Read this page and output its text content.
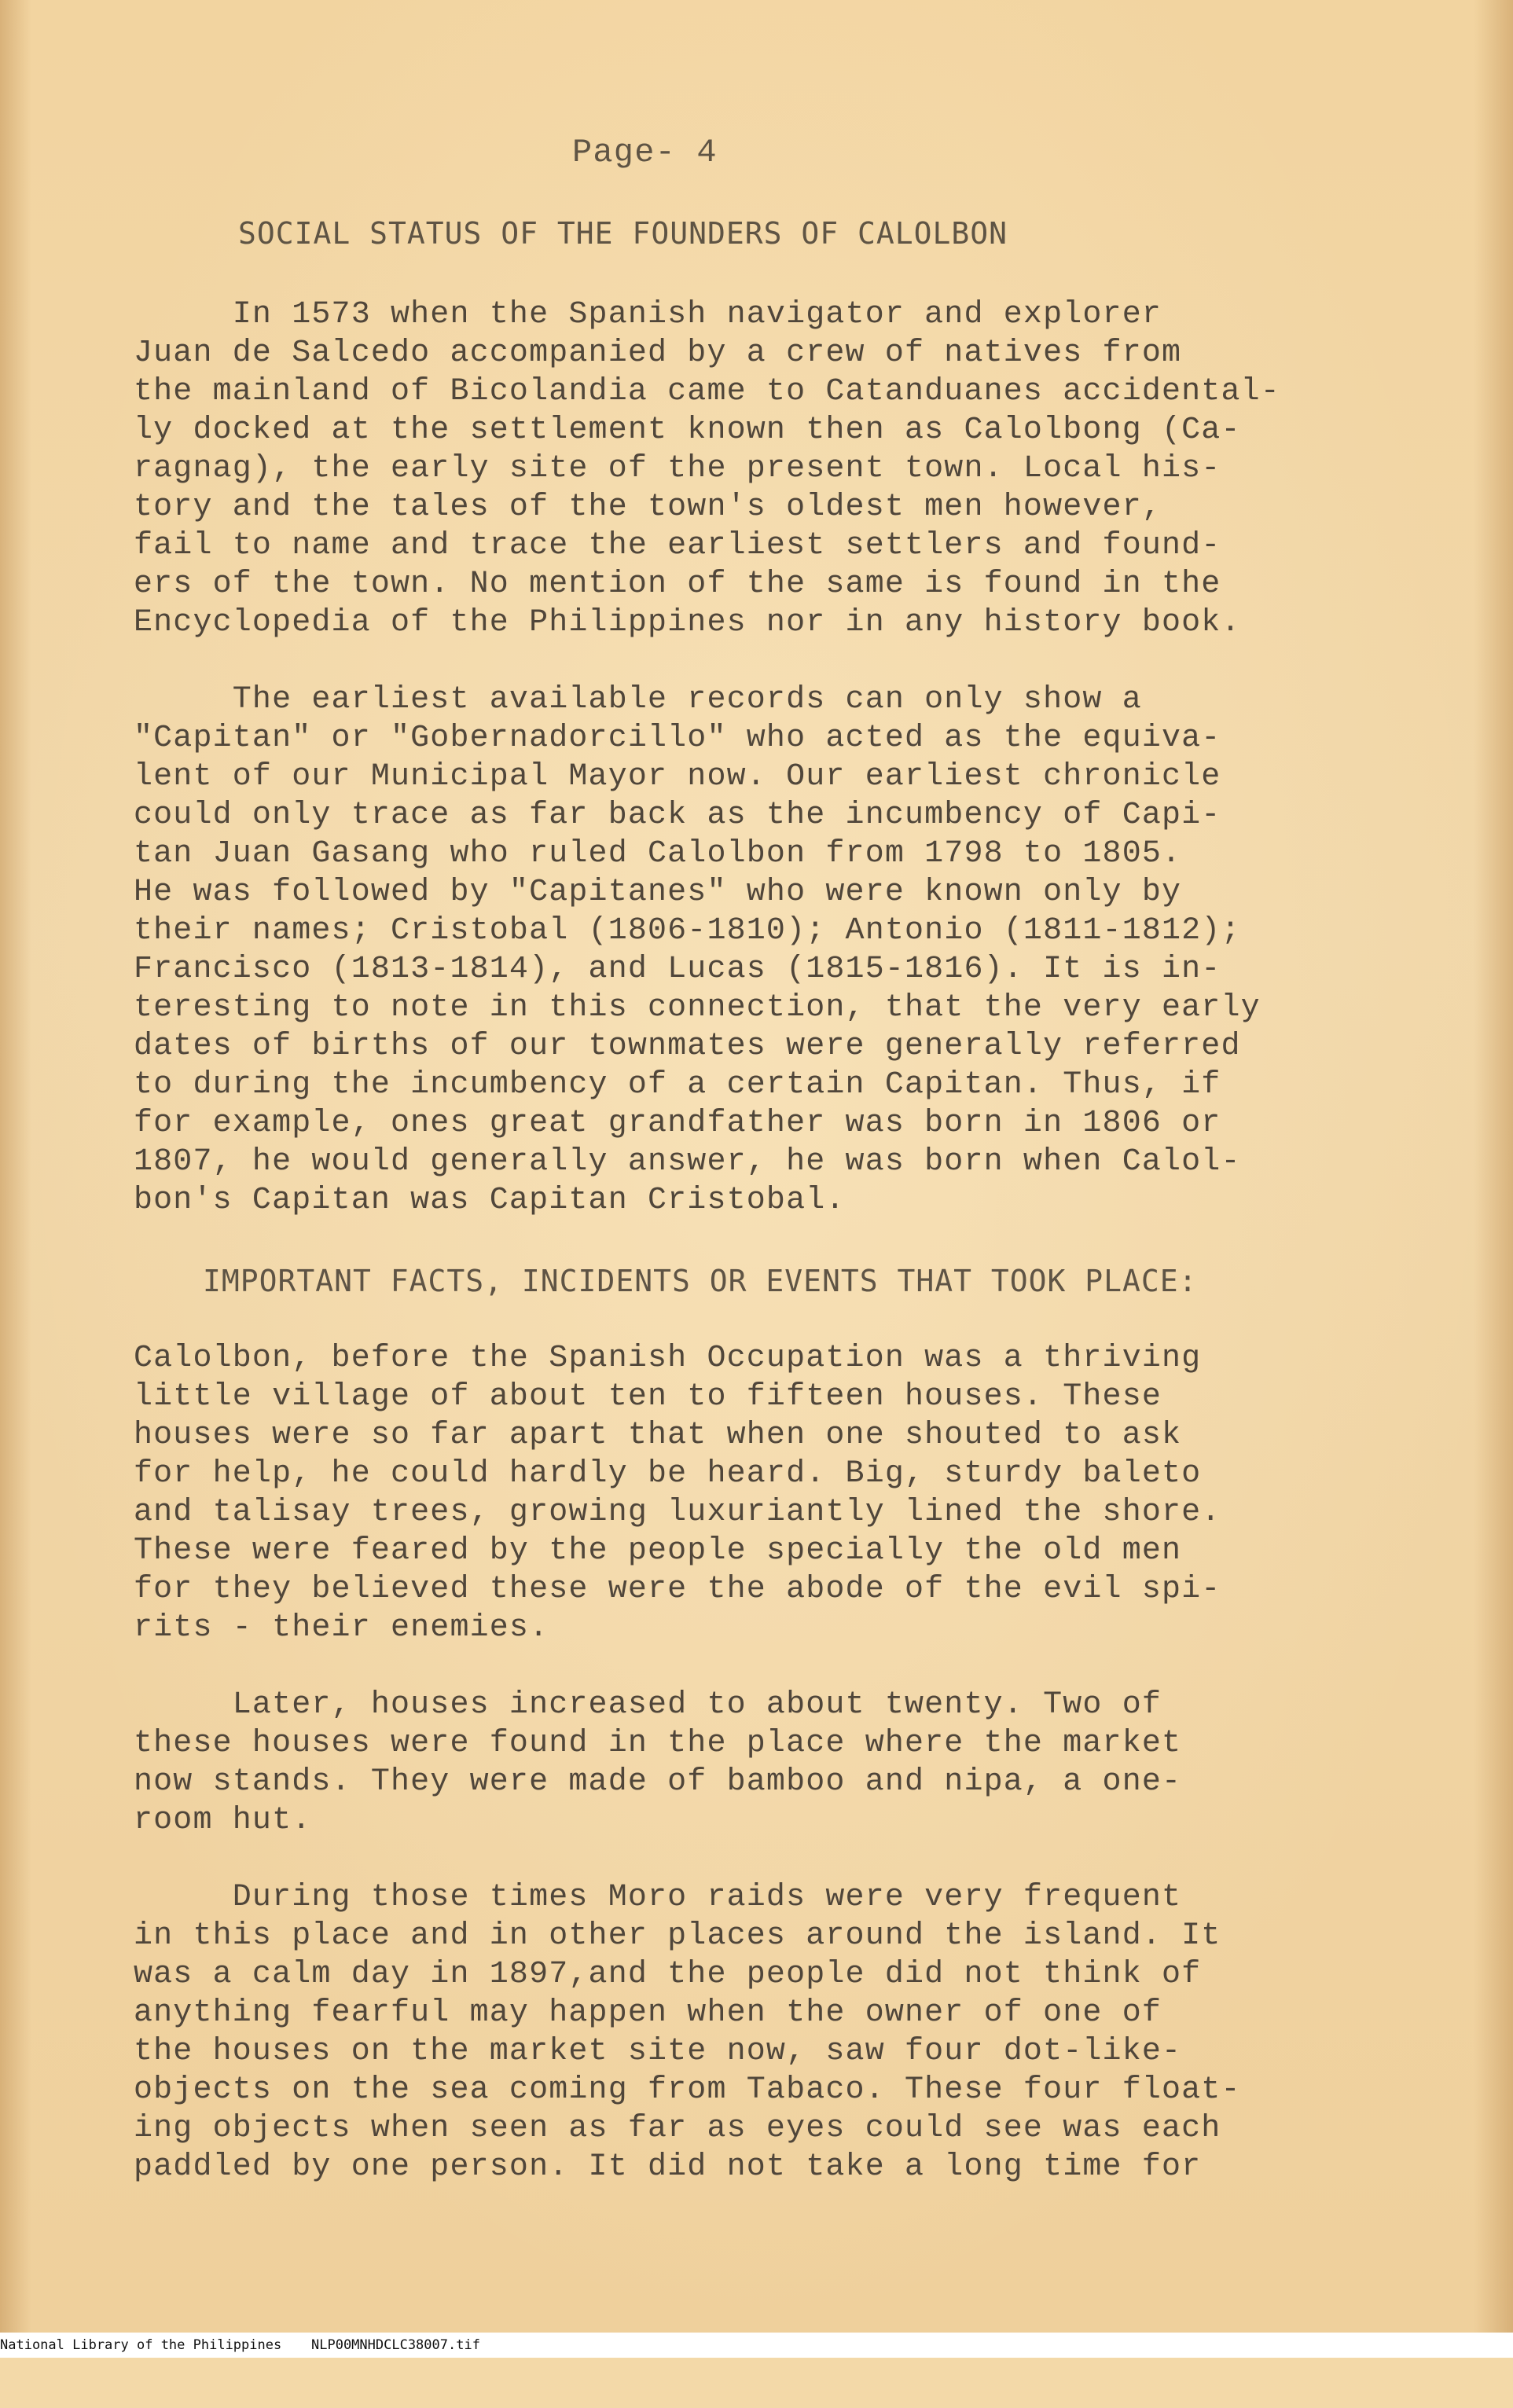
Page- 4
SOCIAL STATUS OF THE FOUNDERS OF CALOLBON
In 1573 when the Spanish navigator and explorer
Juan de Salcedo accompanied by a crew of natives from
the mainland of Bicolandia came to Catanduanes accidental-
ly docked at the settlement known then as Calolbong (Ca-
ragnag), the early site of the present town. Local his-
tory and the tales of the town's oldest men however,
fail to name and trace the earliest settlers and found-
ers of the town. No mention of the same is found in the
Encyclopedia of the Philippines nor in any history book.
The earliest available records can only show a
"Capitan" or "Gobernadorcillo" who acted as the equiva-
lent of our Municipal Mayor now. Our earliest chronicle
could only trace as far back as the incumbency of Capi-
tan Juan Gasang who ruled Calolbon from 1798 to 1805.
He was followed by "Capitanes" who were known only by
their names; Cristobal (1806-1810); Antonio (1811-1812);
Francisco (1813-1814), and Lucas (1815-1816). It is in-
teresting to note in this connection, that the very early
dates of births of our townmates were generally referred
to during the incumbency of a certain Capitan. Thus, if
for example, ones great grandfather was born in 1806 or
1807, he would generally answer, he was born when Calol-
bon's Capitan was Capitan Cristobal.
IMPORTANT FACTS, INCIDENTS OR EVENTS THAT TOOK PLACE:
Calolbon, before the Spanish Occupation was a thriving
little village of about ten to fifteen houses. These
houses were so far apart that when one shouted to ask
for help, he could hardly be heard. Big, sturdy baleto
and talisay trees, growing luxuriantly lined the shore.
These were feared by the people specially the old men
for they believed these were the abode of the evil spi-
rits - their enemies.
Later, houses increased to about twenty. Two of
these houses were found in the place where the market
now stands. They were made of bamboo and nipa, a one-
room hut.
During those times Moro raids were very frequent
in this place and in other places around the island. It
was a calm day in 1897,and the people did not think of
anything fearful may happen when the owner of one of
the houses on the market site now, saw four dot-like-
objects on the sea coming from Tabaco. These four float-
ing objects when seen as far as eyes could see was each
paddled by one person. It did not take a long time for

National Library of the Philippines

NLP00MNHDCLC38007.tif
